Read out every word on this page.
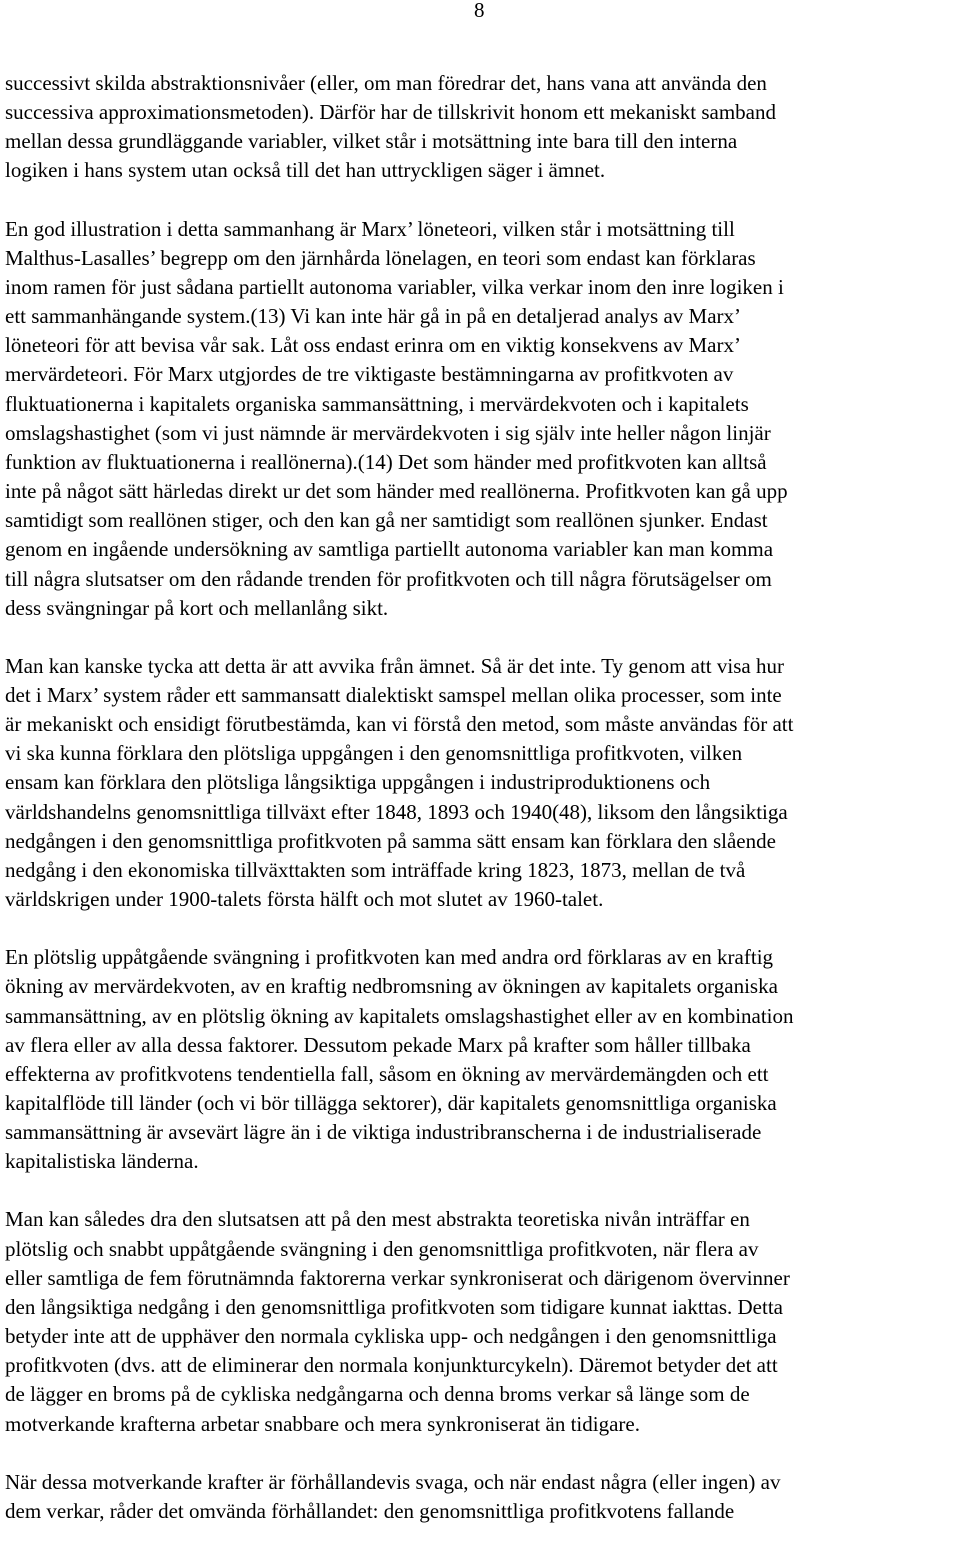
8

successivt skilda abstraktionsnivåer (eller, om man föredrar det, hans vana att använda den
successiva approximationsmetoden). Därför har de tillskrivit honom ett mekaniskt samband
mellan dessa grundläggande variabler, vilket står i motsättning inte bara till den interna
logiken i hans system utan också till det han uttryckligen säger i ämnet.

En god illustration i detta sammanhang är Marx’ löneteori, vilken står i motsättning till
Malthus-Lasalles’ begrepp om den järnhårda lönelagen, en teori som endast kan förklaras
inom ramen för just sådana partiellt autonoma variabler, vilka verkar inom den inre logiken i
ett sammanhängande system.(13) Vi kan inte här gå in på en detaljerad analys av Marx’
löneteori för att bevisa vår sak. Låt oss endast erinra om en viktig konsekvens av Marx’
mervärdeteori. För Marx utgjordes de tre viktigaste bestämningarna av profitkvoten av
fluktuationerna i kapitalets organiska sammansättning, i mervärdekvoten och i kapitalets
omslagshastighet (som vi just nämnde är mervärdekvoten i sig själv inte heller någon linjär
funktion av fluktuationerna i reallönerna).(14) Det som händer med profitkvoten kan alltså
inte på något sätt härledas direkt ur det som händer med reallönerna. Profitkvoten kan gå upp
samtidigt som reallönen stiger, och den kan gå ner samtidigt som reallönen sjunker. Endast
genom en ingående undersökning av samtliga partiellt autonoma variabler kan man komma
till några slutsatser om den rådande trenden för profitkvoten och till några förutsägelser om
dess svängningar på kort och mellanlång sikt.

Man kan kanske tycka att detta är att avvika från ämnet. Så är det inte. Ty genom att visa hur
det i Marx’ system råder ett sammansatt dialektiskt samspel mellan olika processer, som inte
är mekaniskt och ensidigt förutbestämda, kan vi förstå den metod, som måste användas för att
vi ska kunna förklara den plötsliga uppgången i den genomsnittliga profitkvoten, vilken
ensam kan förklara den plötsliga långsiktiga uppgången i industriproduktionens och
världshandelns genomsnittliga tillväxt efter 1848, 1893 och 1940(48), liksom den långsiktiga
nedgången i den genomsnittliga profitkvoten på samma sätt ensam kan förklara den slående
nedgång i den ekonomiska tillväxttakten som inträffade kring 1823, 1873, mellan de två
världskrigen under 1900-talets första hälft och mot slutet av 1960-talet.

En plötslig uppåtgående svängning i profitkvoten kan med andra ord förklaras av en kraftig
ökning av mervärdekvoten, av en kraftig nedbromsning av ökningen av kapitalets organiska
sammansättning, av en plötslig ökning av kapitalets omslagshastighet eller av en kombination
av flera eller av alla dessa faktorer. Dessutom pekade Marx på krafter som håller tillbaka
effekterna av profitkvotens tendentiella fall, såsom en ökning av mervärdemängden och ett
kapitalflöde till länder (och vi bör tillägga sektorer), där kapitalets genomsnittliga organiska
sammansättning är avsevärt lägre än i de viktiga industribranscherna i de industrialiserade
kapitalistiska länderna.

Man kan således dra den slutsatsen att på den mest abstrakta teoretiska nivån inträffar en
plötslig och snabbt uppåtgående svängning i den genomsnittliga profitkvoten, när flera av
eller samtliga de fem förutnämnda faktorerna verkar synkroniserat och därigenom övervinner
den långsiktiga nedgång i den genomsnittliga profitkvoten som tidigare kunnat iakttas. Detta
betyder inte att de upphäver den normala cykliska upp- och nedgången i den genomsnittliga
profitkvoten (dvs. att de eliminerar den normala konjunkturcykeln). Däremot betyder det att
de lägger en broms på de cykliska nedgångarna och denna broms verkar så länge som de
motverkande krafterna arbetar snabbare och mera synkroniserat än tidigare.

När dessa motverkande krafter är förhållandevis svaga, och när endast några (eller ingen) av
dem verkar, råder det omvända förhållandet: den genomsnittliga profitkvotens fallande
